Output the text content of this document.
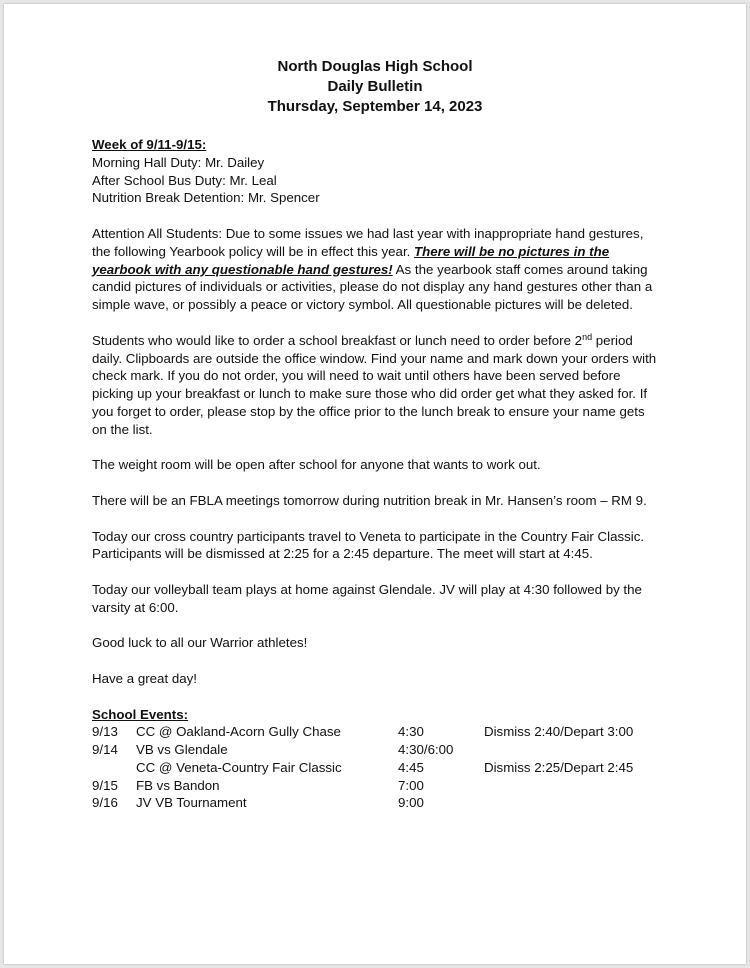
North Douglas High School
Daily Bulletin
Thursday, September 14, 2023

Week of 9/11-9/15:
Morning Hall Duty: Mr. Dailey
After School Bus Duty: Mr. Leal
Nutrition Break Detention: Mr. Spencer

Attention All Students: Due to some issues we had last year with inappropriate hand gestures, the following Yearbook policy will be in effect this year. There will be no pictures in the yearbook with any questionable hand gestures! As the yearbook staff comes around taking candid pictures of individuals or activities, please do not display any hand gestures other than a simple wave, or possibly a peace or victory symbol. All questionable pictures will be deleted.

Students who would like to order a school breakfast or lunch need to order before 2nd period daily. Clipboards are outside the office window. Find your name and mark down your orders with check mark. If you do not order, you will need to wait until others have been served before picking up your breakfast or lunch to make sure those who did order get what they asked for. If you forget to order, please stop by the office prior to the lunch break to ensure your name gets on the list.

The weight room will be open after school for anyone that wants to work out.

There will be an FBLA meetings tomorrow during nutrition break in Mr. Hansen’s room – RM 9.

Today our cross country participants travel to Veneta to participate in the Country Fair Classic. Participants will be dismissed at 2:25 for a 2:45 departure. The meet will start at 4:45.

Today our volleyball team plays at home against Glendale. JV will play at 4:30 followed by the varsity at 6:00.

Good luck to all our Warrior athletes!

Have a great day!

School Events:
9/13	CC @ Oakland-Acorn Gully Chase	4:30	Dismiss 2:40/Depart 3:00
9/14	VB vs Glendale	4:30/6:00	
	CC @ Veneta-Country Fair Classic	4:45	Dismiss 2:25/Depart 2:45
9/15	FB vs Bandon	7:00	
9/16	JV VB Tournament	9:00	
